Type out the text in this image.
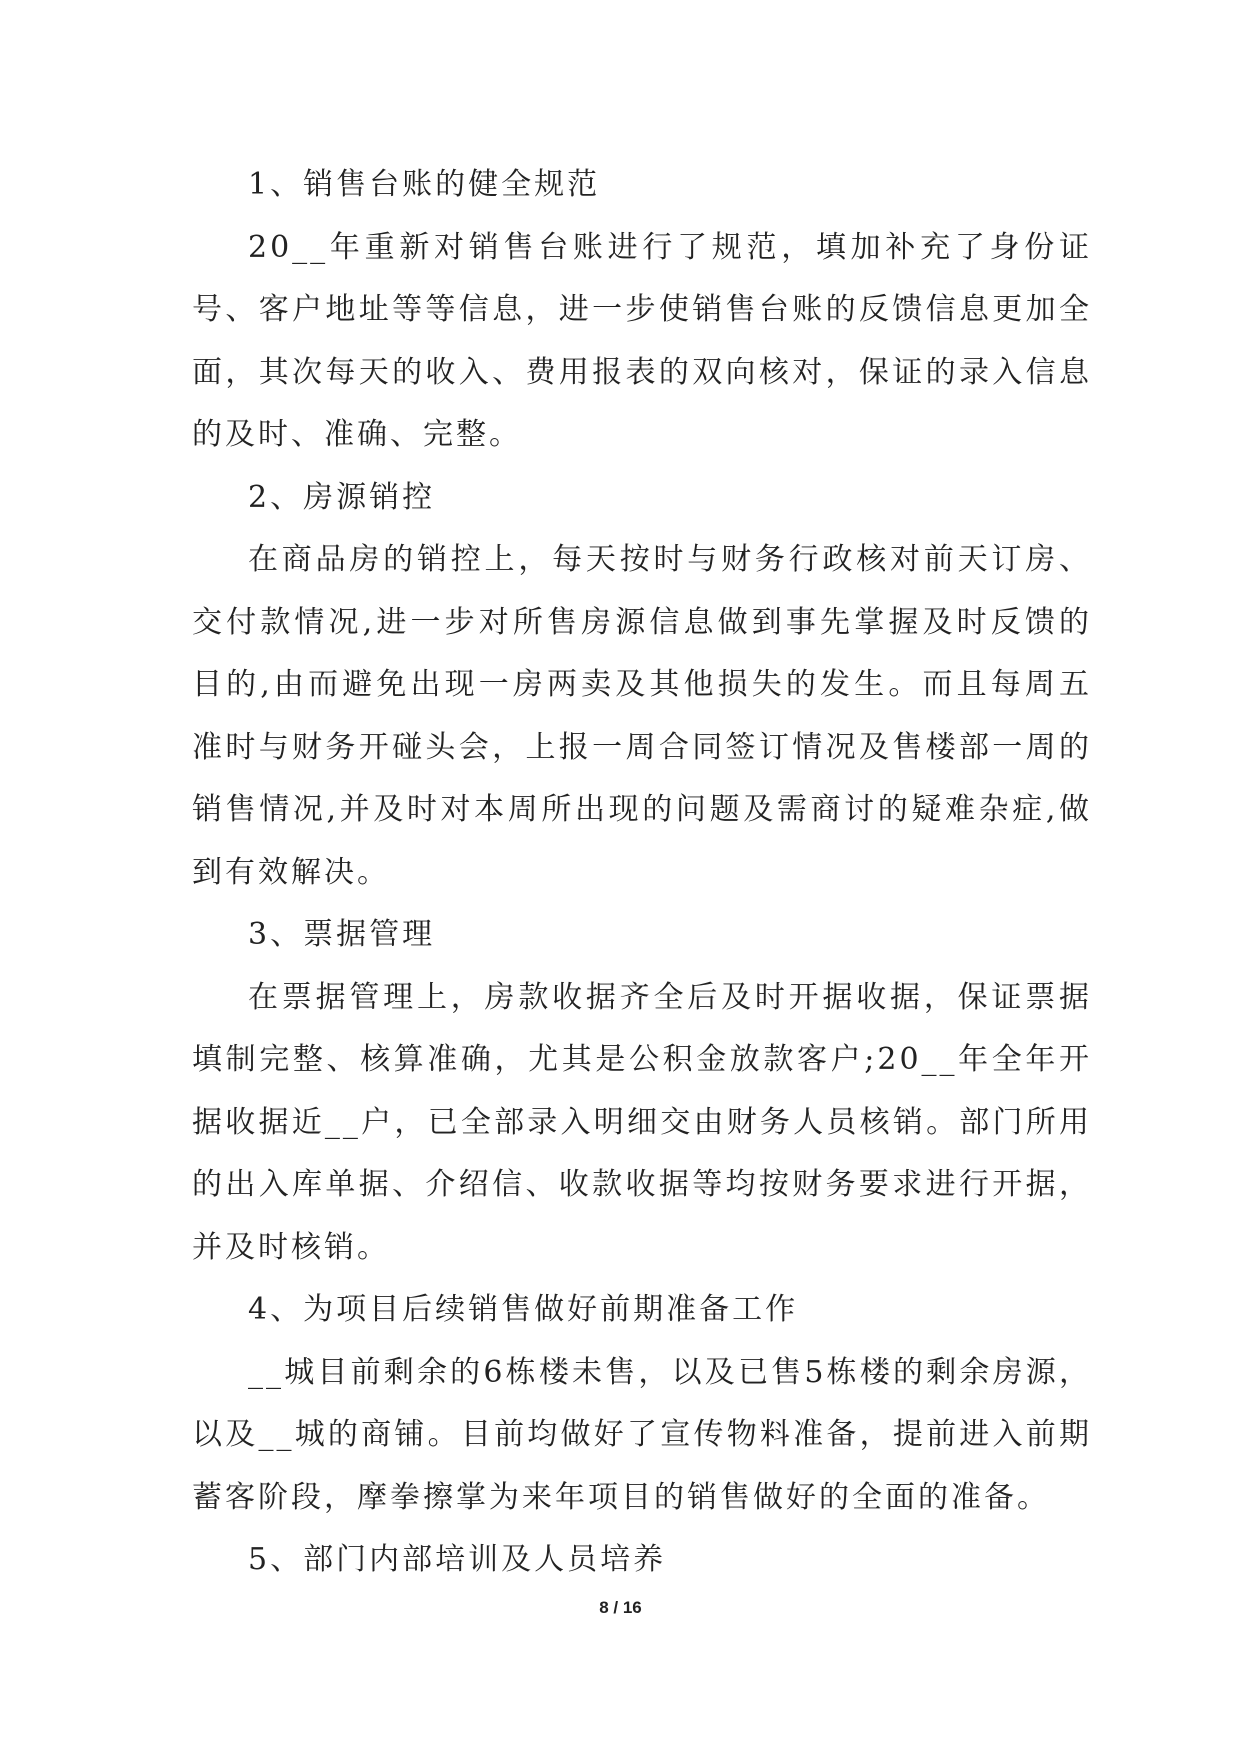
1、销售台账的健全规范

20__年重新对销售台账进行了规范，填加补充了身份证号、客户地址等等信息，进一步使销售台账的反馈信息更加全面，其次每天的收入、费用报表的双向核对，保证的录入信息的及时、准确、完整。

2、房源销控

在商品房的销控上，每天按时与财务行政核对前天订房、交付款情况,进一步对所售房源信息做到事先掌握及时反馈的目的,由而避免出现一房两卖及其他损失的发生。而且每周五准时与财务开碰头会，上报一周合同签订情况及售楼部一周的销售情况,并及时对本周所出现的问题及需商讨的疑难杂症,做到有效解决。

3、票据管理

在票据管理上，房款收据齐全后及时开据收据，保证票据填制完整、核算准确，尤其是公积金放款客户;20__年全年开据收据近__户，已全部录入明细交由财务人员核销。部门所用的出入库单据、介绍信、收款收据等均按财务要求进行开据，并及时核销。

4、为项目后续销售做好前期准备工作

__城目前剩余的6栋楼未售，以及已售5栋楼的剩余房源，以及__城的商铺。目前均做好了宣传物料准备，提前进入前期蓄客阶段，摩拳擦掌为来年项目的销售做好的全面的准备。

5、部门内部培训及人员培养

8 / 16
